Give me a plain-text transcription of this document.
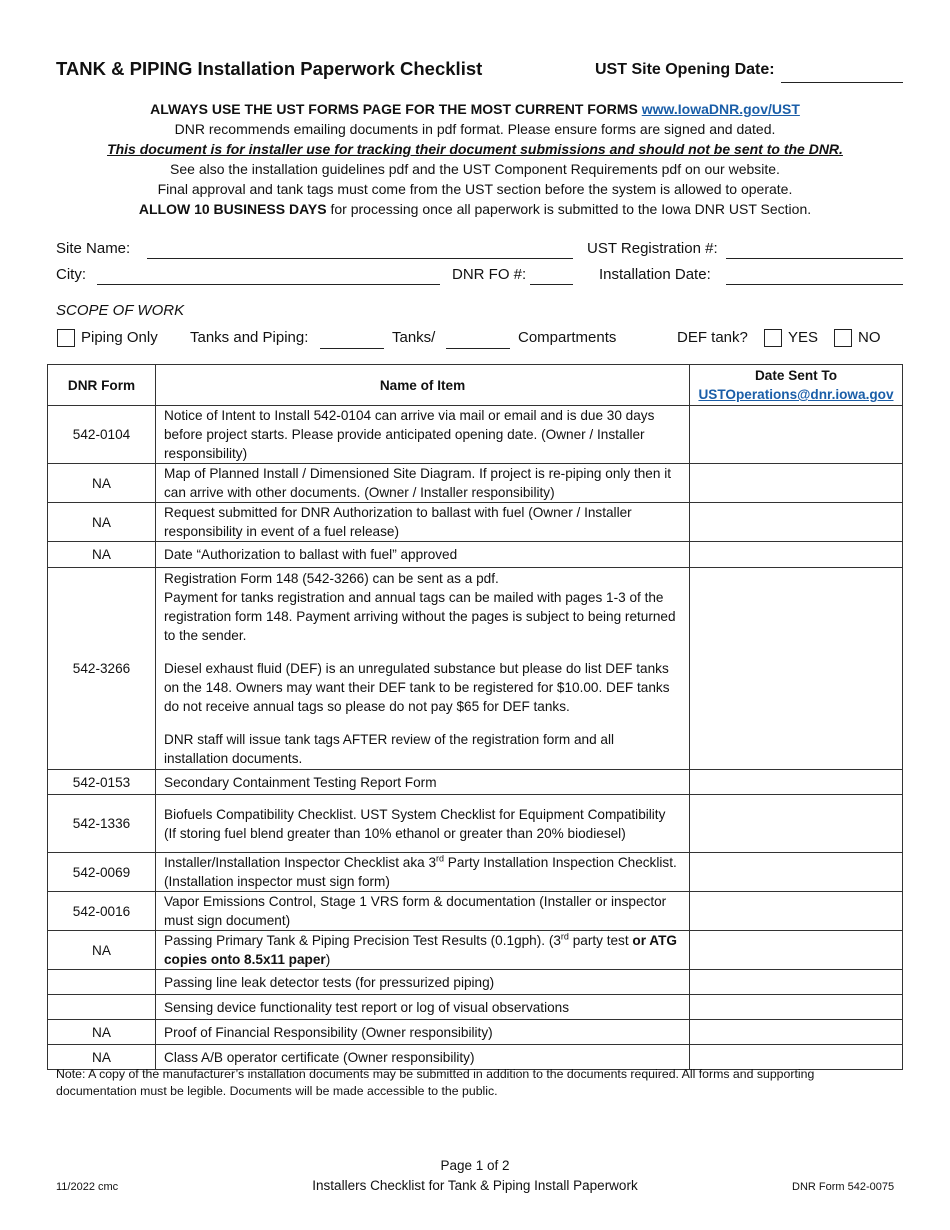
TANK & PIPING Installation Paperwork Checklist	UST Site Opening Date:
ALWAYS USE THE UST FORMS PAGE FOR THE MOST CURRENT FORMS www.IowaDNR.gov/UST
DNR recommends emailing documents in pdf format. Please ensure forms are signed and dated.
This document is for installer use for tracking their document submissions and should not be sent to the DNR.
See also the installation guidelines pdf and the UST Component Requirements pdf on our website.
Final approval and tank tags must come from the UST section before the system is allowed to operate.
ALLOW 10 BUSINESS DAYS for processing once all paperwork is submitted to the Iowa DNR UST Section.
Site Name:	UST Registration #:
City:	DNR FO #:	Installation Date:
SCOPE OF WORK
Piping Only Tanks and Piping:	Tanks/	Compartments	DEF tank?	YES	NO
DNR Form	Name of Item	Date Sent To
USTOperations@dnr.iowa.gov

542-0104	Notice of Intent to Install 542-0104 can arrive via mail or email and is due 30 days before project starts. Please provide anticipated opening date. (Owner / Installer responsibility)	
NA	Map of Planned Install / Dimensioned Site Diagram. If project is re-piping only then it can arrive with other documents. (Owner / Installer responsibility)	
NA	Request submitted for DNR Authorization to ballast with fuel (Owner / Installer responsibility in event of a fuel release)	
NA	Date “Authorization to ballast with fuel” approved	
542-3266	Registration Form 148 (542-3266) can be sent as a pdf.
Payment for tanks registration and annual tags can be mailed with pages 1-3 of the registration form 148. Payment arriving without the pages is subject to being returned to the sender.
Diesel exhaust fluid (DEF) is an unregulated substance but please do list DEF tanks on the 148. Owners may want their DEF tank to be registered for $10.00. DEF tanks do not receive annual tags so please do not pay $65 for DEF tanks.
DNR staff will issue tank tags AFTER review of the registration form and all installation documents.	

542-0153	Secondary Containment Testing Report Form	
542-1336	Biofuels Compatibility Checklist. UST System Checklist for Equipment Compatibility (If storing fuel blend greater than 10% ethanol or greater than 20% biodiesel)	
542-0069	Installer/Installation Inspector Checklist aka 3rd Party Installation Inspection Checklist. (Installation inspector must sign form)	
542-0016	Vapor Emissions Control, Stage 1 VRS form & documentation (Installer or inspector must sign document)	
NA	Passing Primary Tank & Piping Precision Test Results (0.1gph). (3rd party test or ATG copies onto 8.5x11 paper)	
	Passing line leak detector tests (for pressurized piping)	
	Sensing device functionality test report or log of visual observations	
NA	Proof of Financial Responsibility (Owner responsibility)	
NA	Class A/B operator certificate (Owner responsibility)	
Note: A copy of the manufacturer’s installation documents may be submitted in addition to the documents required. All forms and supporting documentation must be legible. Documents will be made accessible to the public.
Page 1 of 2
Installers Checklist for Tank & Piping Install Paperwork
11/2022 cmc	DNR Form 542-0075
